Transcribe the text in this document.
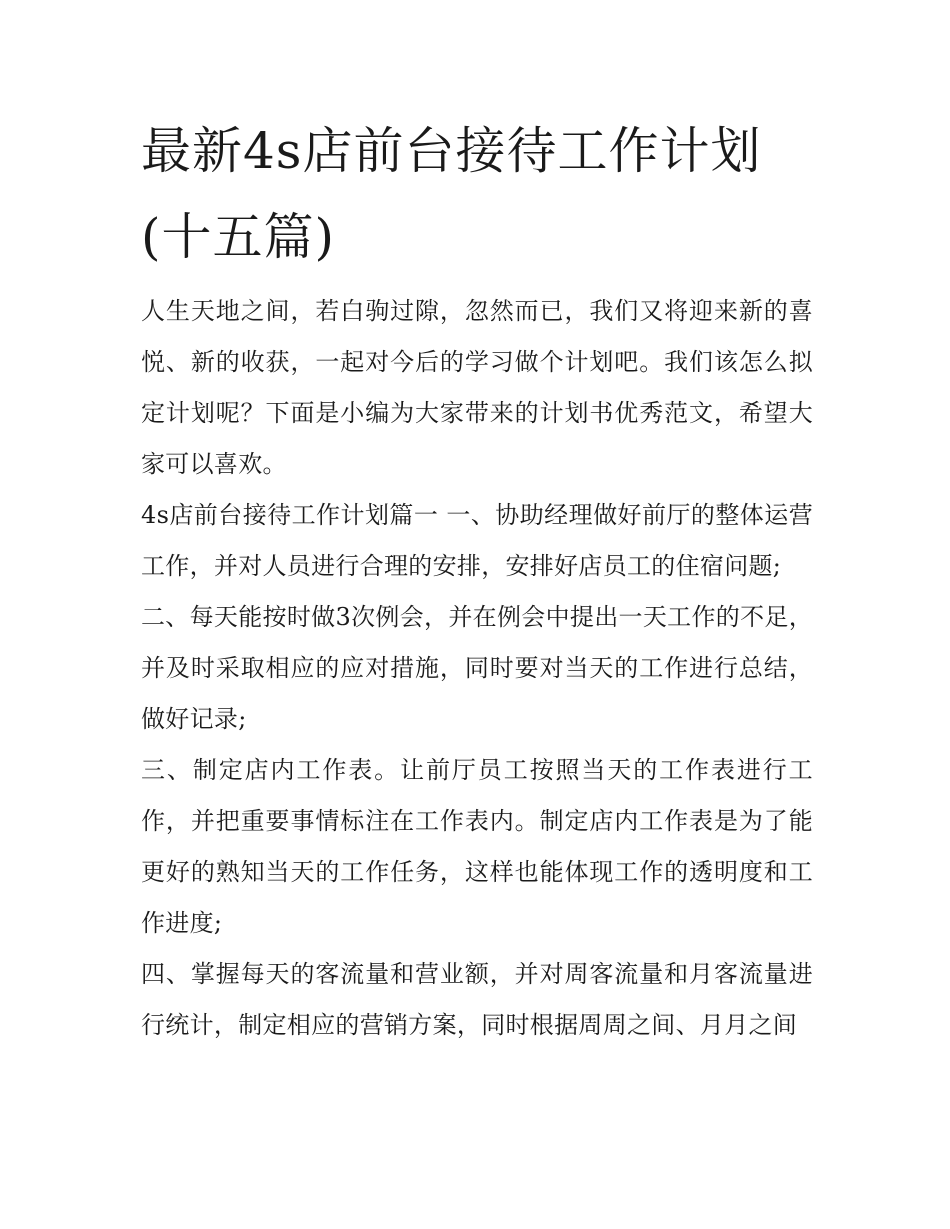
最新4s店前台接待工作计划
(十五篇)

人生天地之间，若白驹过隙，忽然而已，我们又将迎来新的喜悦、新的收获，一起对今后的学习做个计划吧。我们该怎么拟定计划呢？下面是小编为大家带来的计划书优秀范文，希望大家可以喜欢。

4s店前台接待工作计划篇一 一、协助经理做好前厅的整体运营工作，并对人员进行合理的安排，安排好店员工的住宿问题;

二、每天能按时做3次例会，并在例会中提出一天工作的不足，并及时采取相应的应对措施，同时要对当天的工作进行总结，做好记录;

三、制定店内工作表。让前厅员工按照当天的工作表进行工作，并把重要事情标注在工作表内。制定店内工作表是为了能更好的熟知当天的工作任务，这样也能体现工作的透明度和工作进度;

四、掌握每天的客流量和营业额，并对周客流量和月客流量进行统计，制定相应的营销方案，同时根据周周之间、月月之间
